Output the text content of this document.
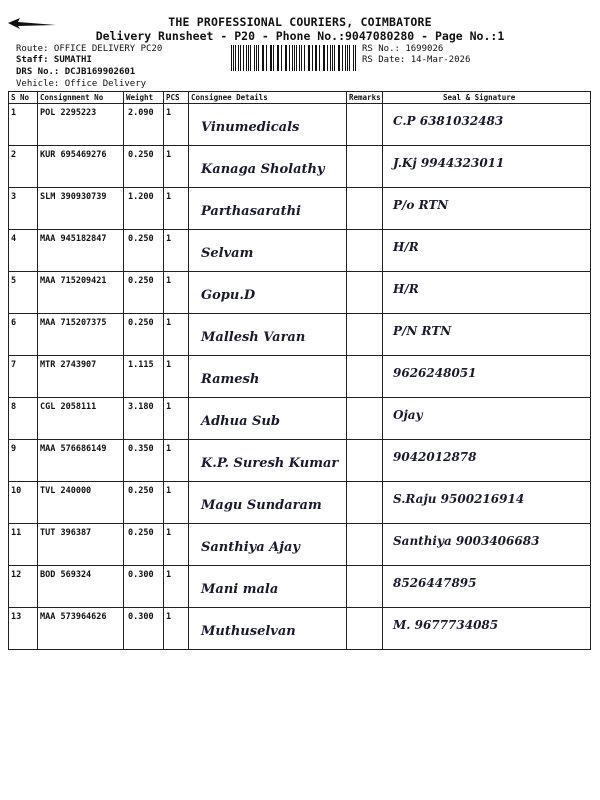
THE PROFESSIONAL COURIERS, COIMBATORE
Delivery Runsheet - P20 - Phone No.:9047080280 - Page No.:1
Route: OFFICE DELIVERY PC20
Staff: SUMATHI
DRS No.: DCJB169902601
Vehicle: Office Delivery
RS No.: 1699026
RS Date: 14-Mar-2026
S No	Consignment No	Weight	PCS	Consignee Details	Remarks	Seal & Signature
1	POL 2295223	2.090	1	Vinumedicals		C.P 6381032483

2	KUR 695469276	0.250	1	Kanaga Sholathy		J.Kj 9944323011

3	SLM 390930739	1.200	1	Parthasarathi		P/o RTN

4	MAA 945182847	0.250	1	Selvam		H/R

5	MAA 715209421	0.250	1	Gopu.D		H/R

6	MAA 715207375	0.250	1	Mallesh Varan		P/N RTN

7	MTR 2743907	1.115	1	Ramesh		9626248051

8	CGL 2058111	3.180	1	Adhua Sub		Ojay

9	MAA 576686149	0.350	1	K.P. Suresh Kumar		9042012878

10	TVL 240000	0.250	1	Magu Sundaram		S.Raju 9500216914

11	TUT 396387	0.250	1	Santhiya Ajay		Santhiya 9003406683

12	BOD 569324	0.300	1	Mani mala		8526447895

13	MAA 573964626	0.300	1	Muthuselvan		M. 9677734085
